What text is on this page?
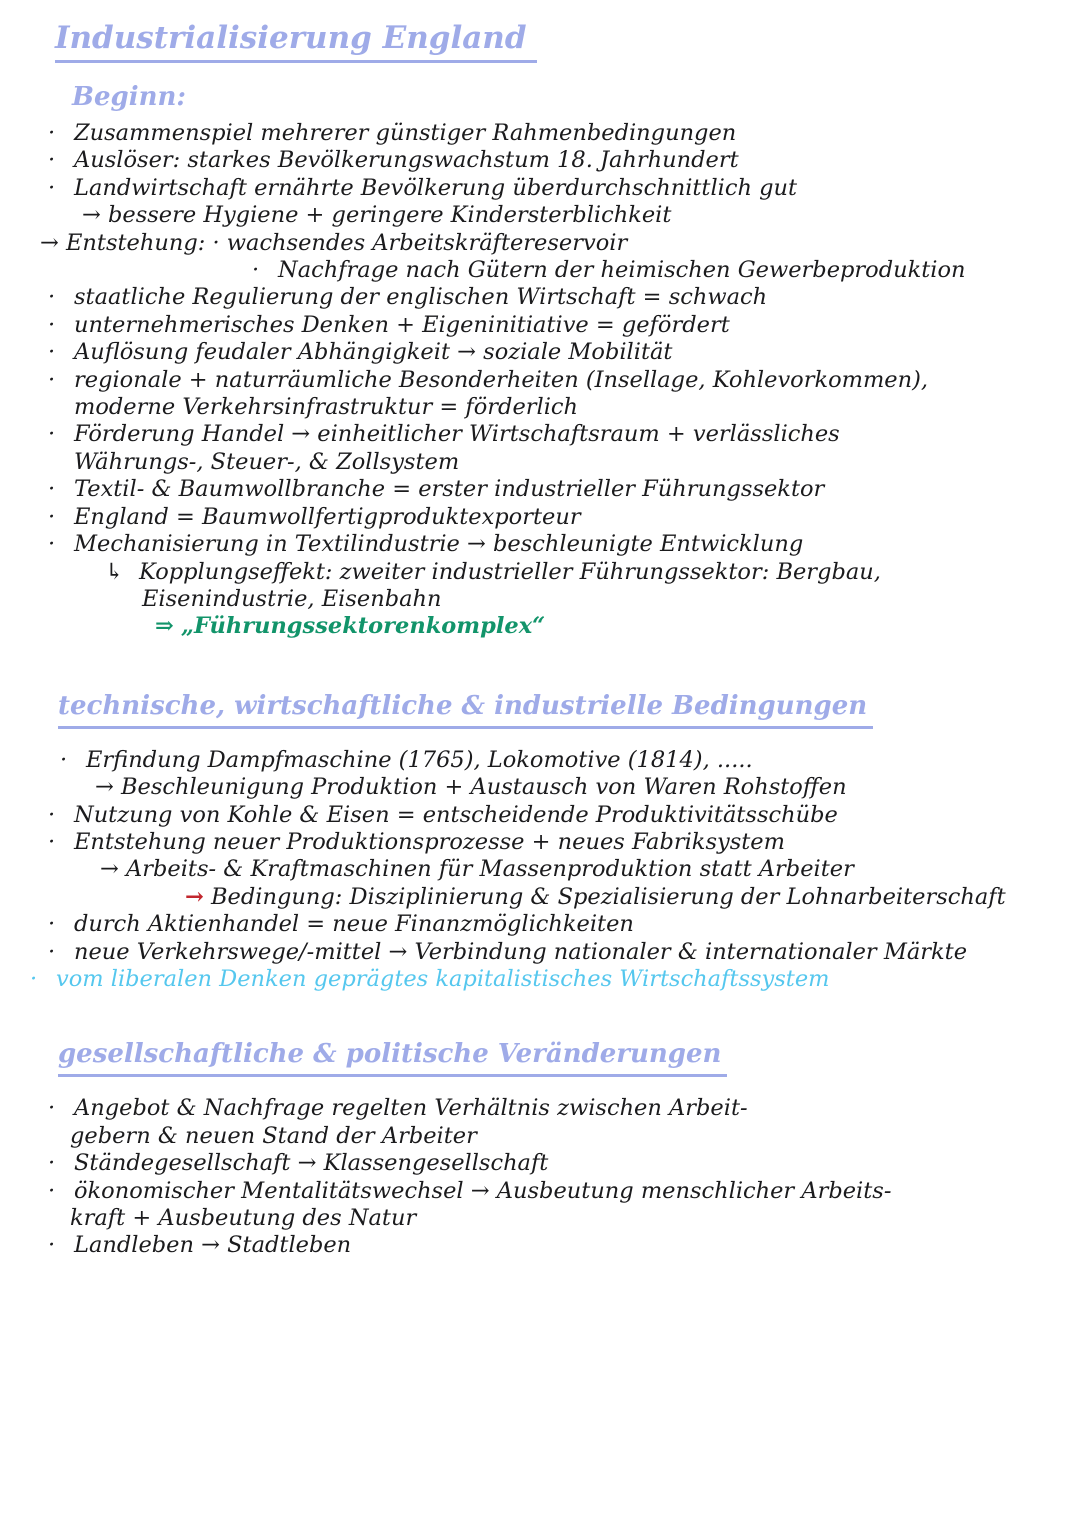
Industrialisierung England
Beginn:
· Zusammenspiel mehrerer günstiger Rahmenbedingungen
· Auslöser: starkes Bevölkerungswachstum 18. Jahrhundert
· Landwirtschaft ernährte Bevölkerung überdurchschnittlich gut
→ bessere Hygiene + geringere Kindersterblichkeit
→ Entstehung: · wachsendes Arbeitskräftereservoir
· Nachfrage nach Gütern der heimischen Gewerbeproduktion
· staatliche Regulierung der englischen Wirtschaft = schwach
· unternehmerisches Denken + Eigeninitiative = gefördert
· Auflösung feudaler Abhängigkeit → soziale Mobilität
· regionale + naturräumliche Besonderheiten (Insellage, Kohlevorkommen),
moderne Verkehrsinfrastruktur = förderlich
· Förderung Handel → einheitlicher Wirtschaftsraum + verlässliches
Währungs-, Steuer-, & Zollsystem
· Textil- & Baumwollbranche = erster industrieller Führungssektor
· England = Baumwollfertigproduktexporteur
· Mechanisierung in Textilindustrie → beschleunigte Entwicklung
↳ Kopplungseffekt: zweiter industrieller Führungssektor: Bergbau,
Eisenindustrie, Eisenbahn
⇒ „Führungssektorenkomplex“
technische, wirtschaftliche & industrielle Bedingungen
· Erfindung Dampfmaschine (1765), Lokomotive (1814), .....
→ Beschleunigung Produktion + Austausch von Waren Rohstoffen
· Nutzung von Kohle & Eisen = entscheidende Produktivitätsschübe
· Entstehung neuer Produktionsprozesse + neues Fabriksystem
→ Arbeits- & Kraftmaschinen für Massenproduktion statt Arbeiter
→ Bedingung: Disziplinierung & Spezialisierung der Lohnarbeiterschaft
· durch Aktienhandel = neue Finanzmöglichkeiten
· neue Verkehrswege/-mittel → Verbindung nationaler & internationaler Märkte
· vom liberalen Denken geprägtes kapitalistisches Wirtschaftssystem
gesellschaftliche & politische Veränderungen
· Angebot & Nachfrage regelten Verhältnis zwischen Arbeit-
gebern & neuen Stand der Arbeiter
· Ständegesellschaft → Klassengesellschaft
· ökonomischer Mentalitätswechsel → Ausbeutung menschlicher Arbeits-
kraft + Ausbeutung des Natur
· Landleben → Stadtleben
